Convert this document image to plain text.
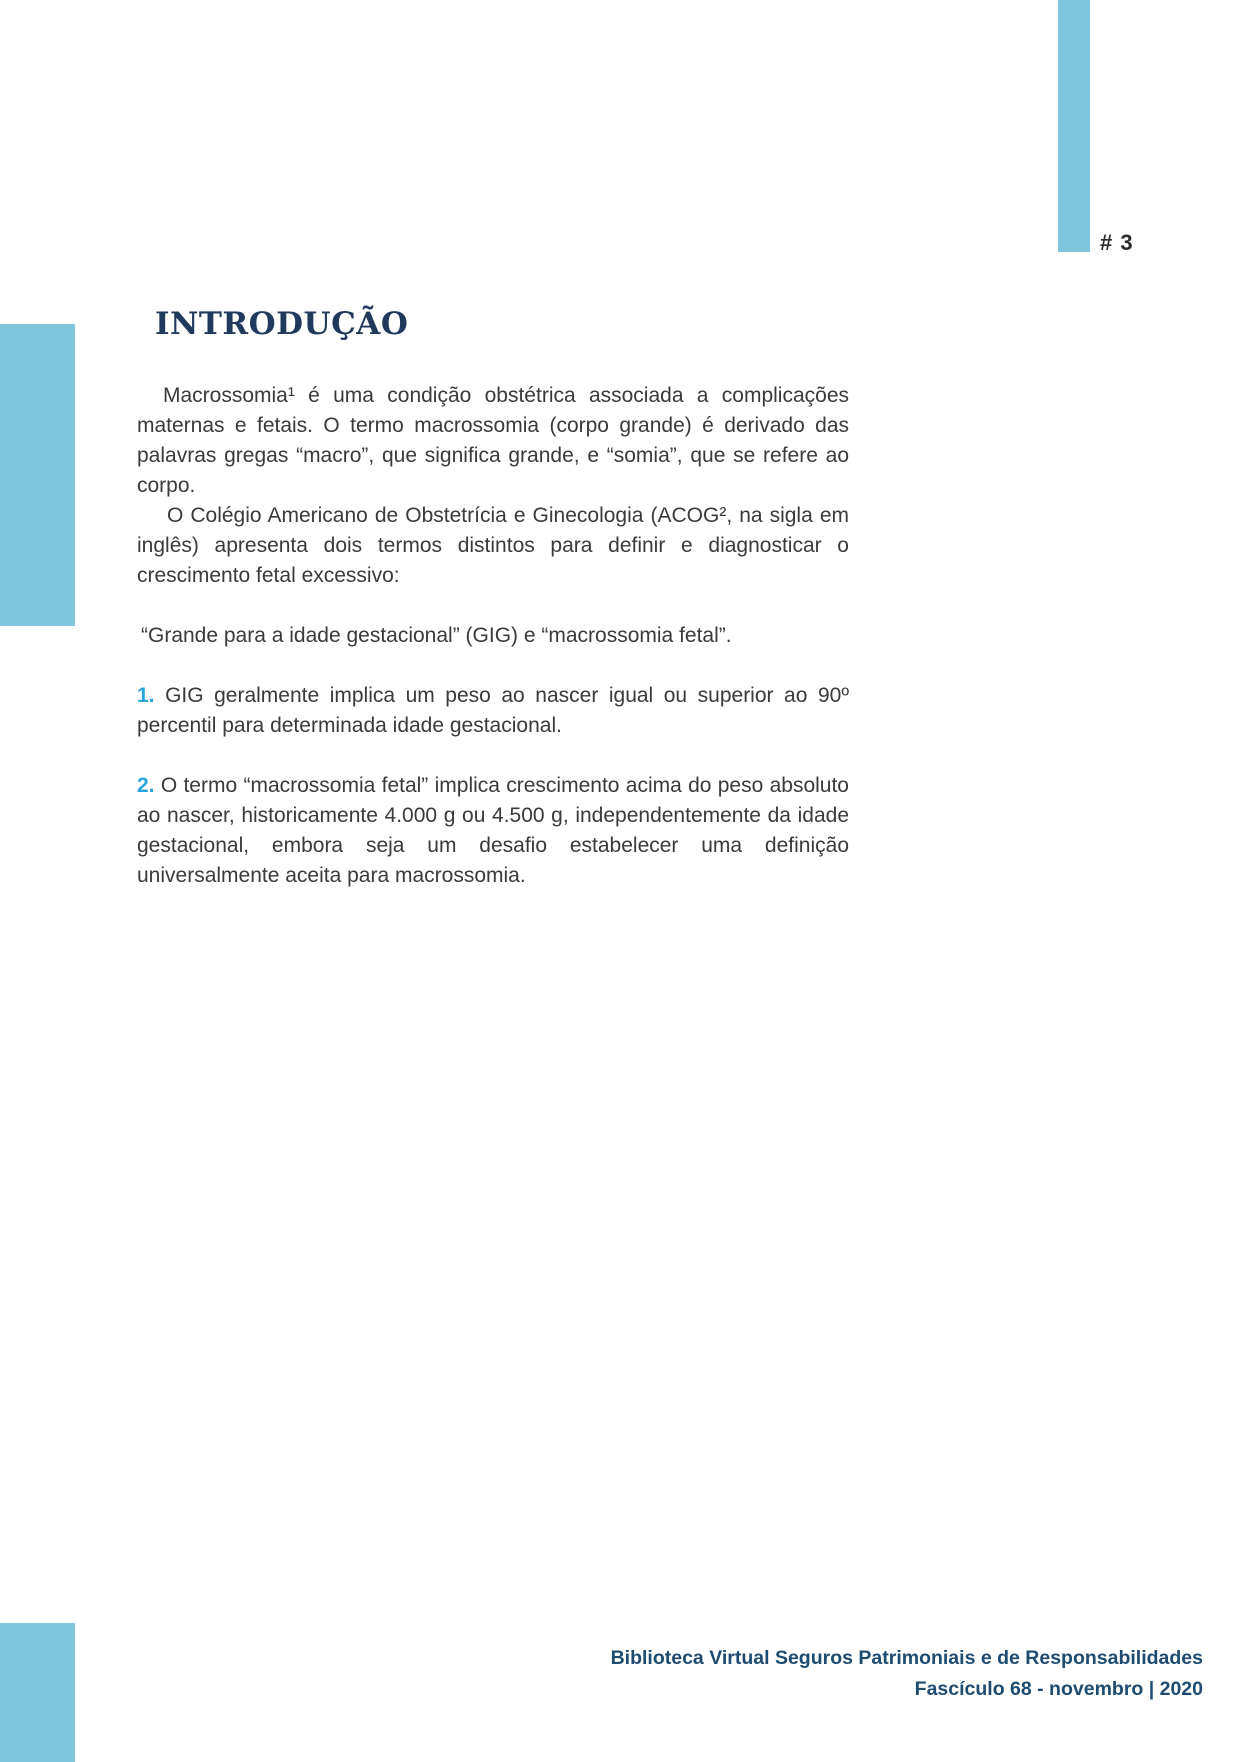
# 3
INTRODUÇÃO

Macrossomia¹ é uma condição obstétrica associada a complicações maternas e fetais. O termo macrossomia (corpo grande) é derivado das palavras gregas “macro”, que significa grande, e “somia”, que se refere ao corpo.

O Colégio Americano de Obstetrícia e Ginecologia (ACOG², na sigla em inglês) apresenta dois termos distintos para definir e diagnosticar o crescimento fetal excessivo:

“Grande para a idade gestacional” (GIG) e “macrossomia fetal”.

1. GIG geralmente implica um peso ao nascer igual ou superior ao 90º percentil para determinada idade gestacional.

2. O termo “macrossomia fetal” implica crescimento acima do peso absoluto ao nascer, historicamente 4.000 g ou 4.500 g, independentemente da idade gestacional, embora seja um desafio estabelecer uma definição universalmente aceita para macrossomia.

Biblioteca Virtual Seguros Patrimoniais e de Responsabilidades
Fascículo 68 - novembro | 2020
